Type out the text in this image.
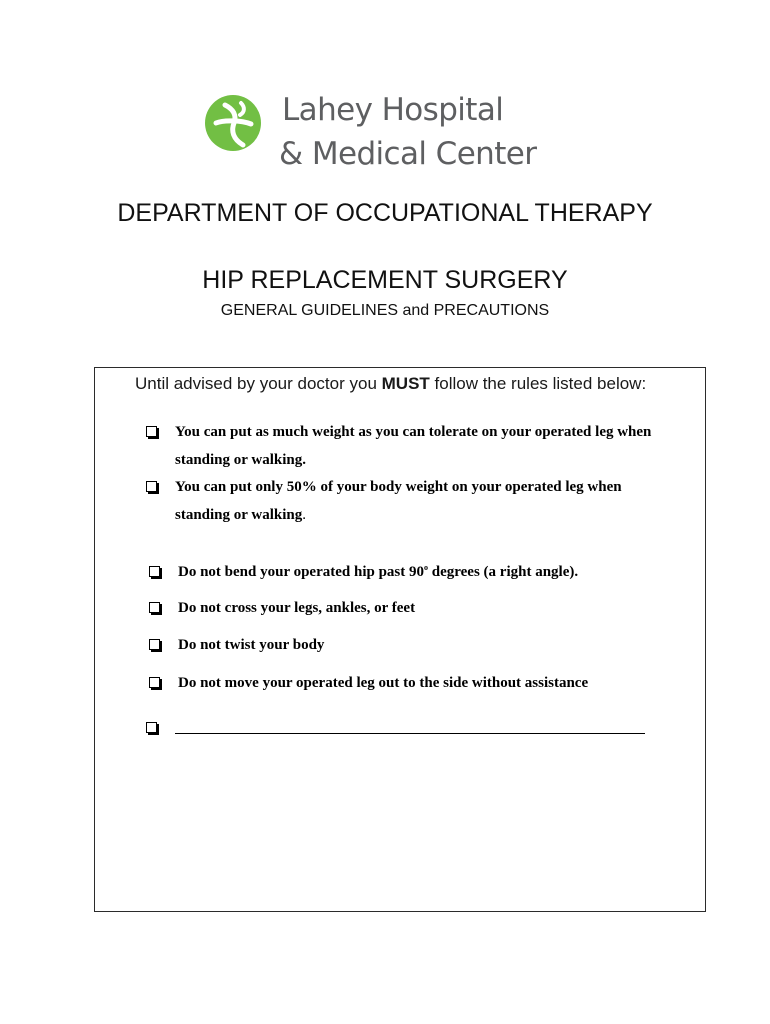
Lahey Hospital
& Medical Center
DEPARTMENT OF OCCUPATIONAL THERAPY
HIP REPLACEMENT SURGERY
GENERAL GUIDELINES and PRECAUTIONS
Until advised by your doctor you MUST follow the rules listed below:
You can put as much weight as you can tolerate on your operated leg when
standing or walking.
You can put only 50% of your body weight on your operated leg when
standing or walking.
Do not bend your operated hip past 90$^o$ degrees (a right angle).
Do not cross your legs, ankles, or feet
Do not twist your body
Do not move your operated leg out to the side without assistance
